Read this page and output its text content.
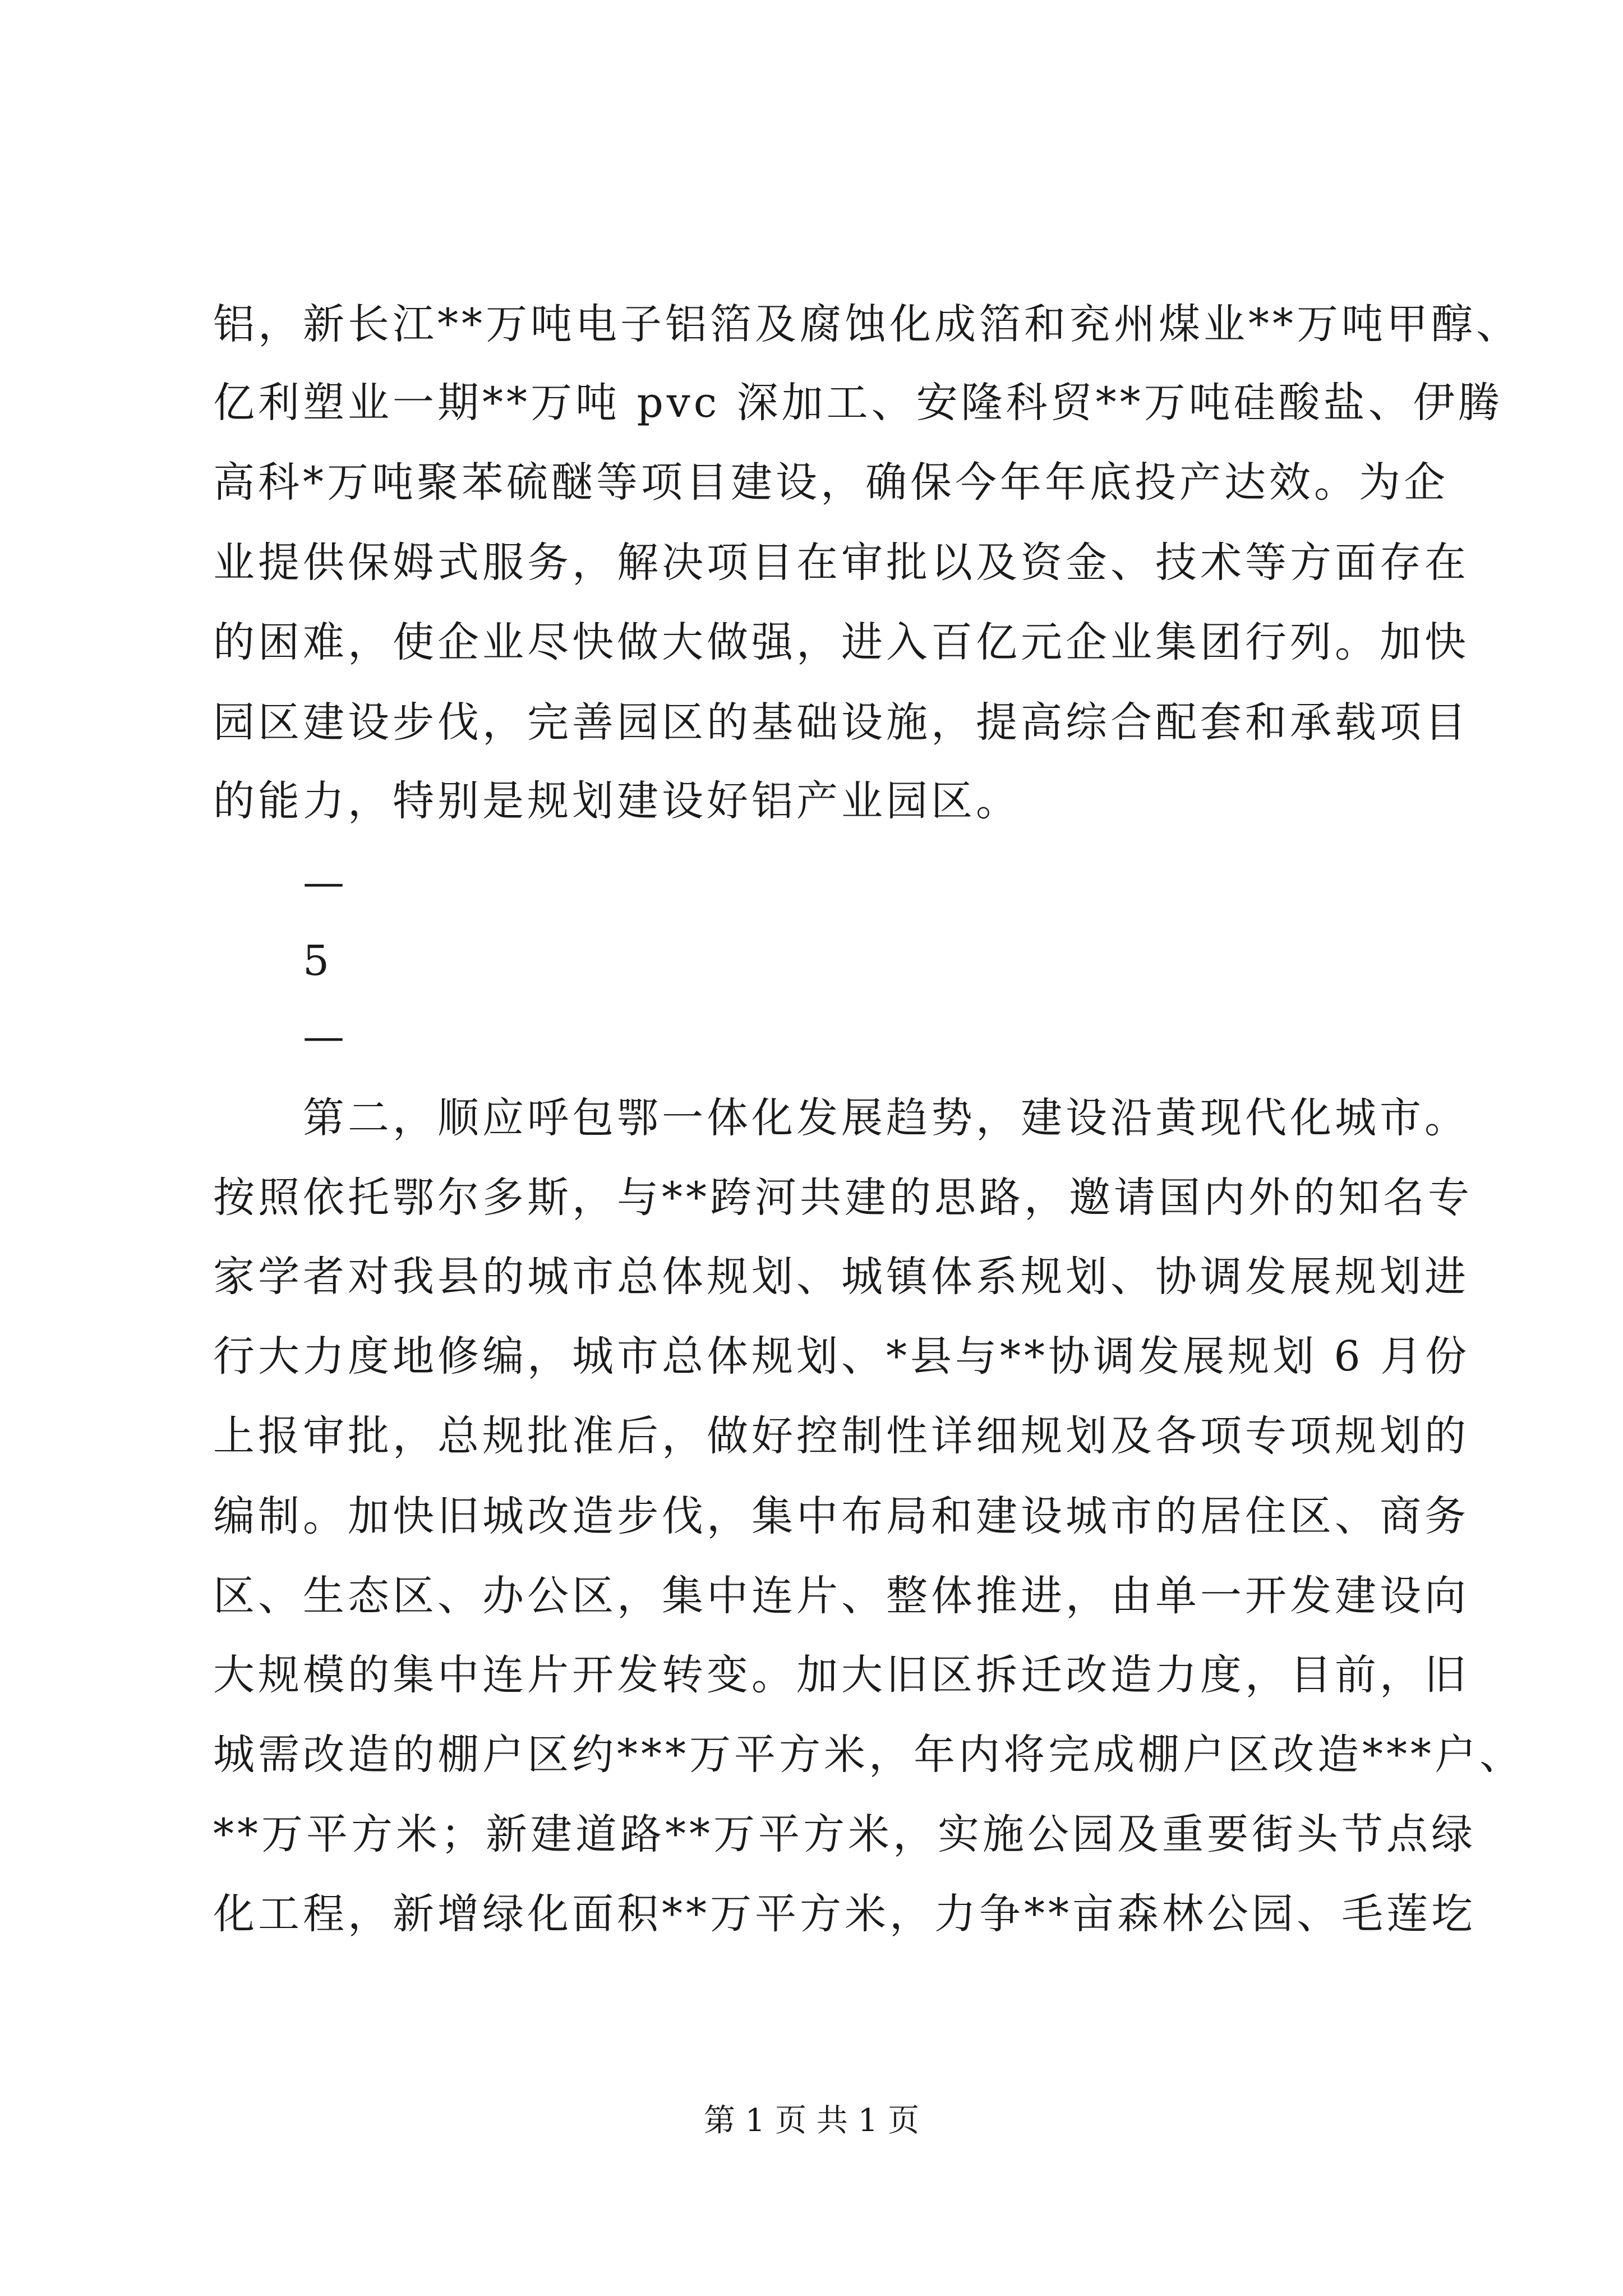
铝，新长江**万吨电子铝箔及腐蚀化成箔和兖州煤业**万吨甲醇、
亿利塑业一期**万吨 pvc 深加工、安隆科贸**万吨硅酸盐、伊腾
高科*万吨聚苯硫醚等项目建设，确保今年年底投产达效。为企
业提供保姆式服务，解决项目在审批以及资金、技术等方面存在
的困难，使企业尽快做大做强，进入百亿元企业集团行列。加快
园区建设步伐，完善园区的基础设施，提高综合配套和承载项目
的能力，特别是规划建设好铝产业园区。
—
5
—
　　第二，顺应呼包鄂一体化发展趋势，建设沿黄现代化城市。
按照依托鄂尔多斯，与**跨河共建的思路，邀请国内外的知名专
家学者对我县的城市总体规划、城镇体系规划、协调发展规划进
行大力度地修编，城市总体规划、*县与**协调发展规划 6 月份
上报审批，总规批准后，做好控制性详细规划及各项专项规划的
编制。加快旧城改造步伐，集中布局和建设城市的居住区、商务
区、生态区、办公区，集中连片、整体推进，由单一开发建设向
大规模的集中连片开发转变。加大旧区拆迁改造力度，目前，旧
城需改造的棚户区约***万平方米，年内将完成棚户区改造***户、
**万平方米；新建道路**万平方米，实施公园及重要街头节点绿
化工程，新增绿化面积**万平方米，力争**亩森林公园、毛莲圪
第 1 页 共 1 页
